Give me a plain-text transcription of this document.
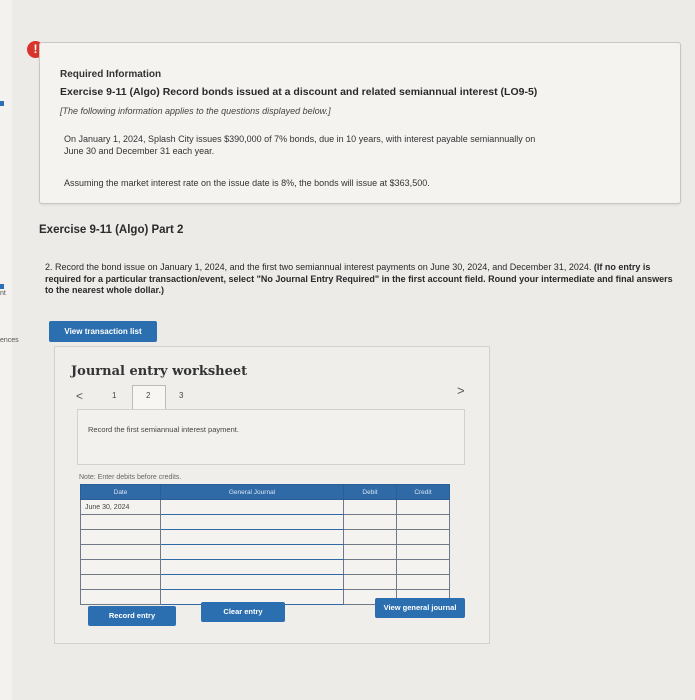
nt
ences
!
Required Information
Exercise 9-11 (Algo) Record bonds issued at a discount and related semiannual interest (LO9-5)
[The following information applies to the questions displayed below.]
On January 1, 2024, Splash City issues $390,000 of 7% bonds, due in 10 years, with interest payable semiannually on
June 30 and December 31 each year.
Assuming the market interest rate on the issue date is 8%, the bonds will issue at $363,500.
Exercise 9-11 (Algo) Part 2
2. Record the bond issue on January 1, 2024, and the first two semiannual interest payments on June 30, 2024, and December 31, 2024. (If no entry is required for a particular transaction/event, select "No Journal Entry Required" in the first account field. Round your intermediate and final answers to the nearest whole dollar.)
View transaction list
Journal entry worksheet
<	1	2	3	>
Record the first semiannual interest payment.
Note: Enter debits before credits.
Date	General Journal	Debit	Credit
June 30, 2024			

Record entry	Clear entry	View general journal
